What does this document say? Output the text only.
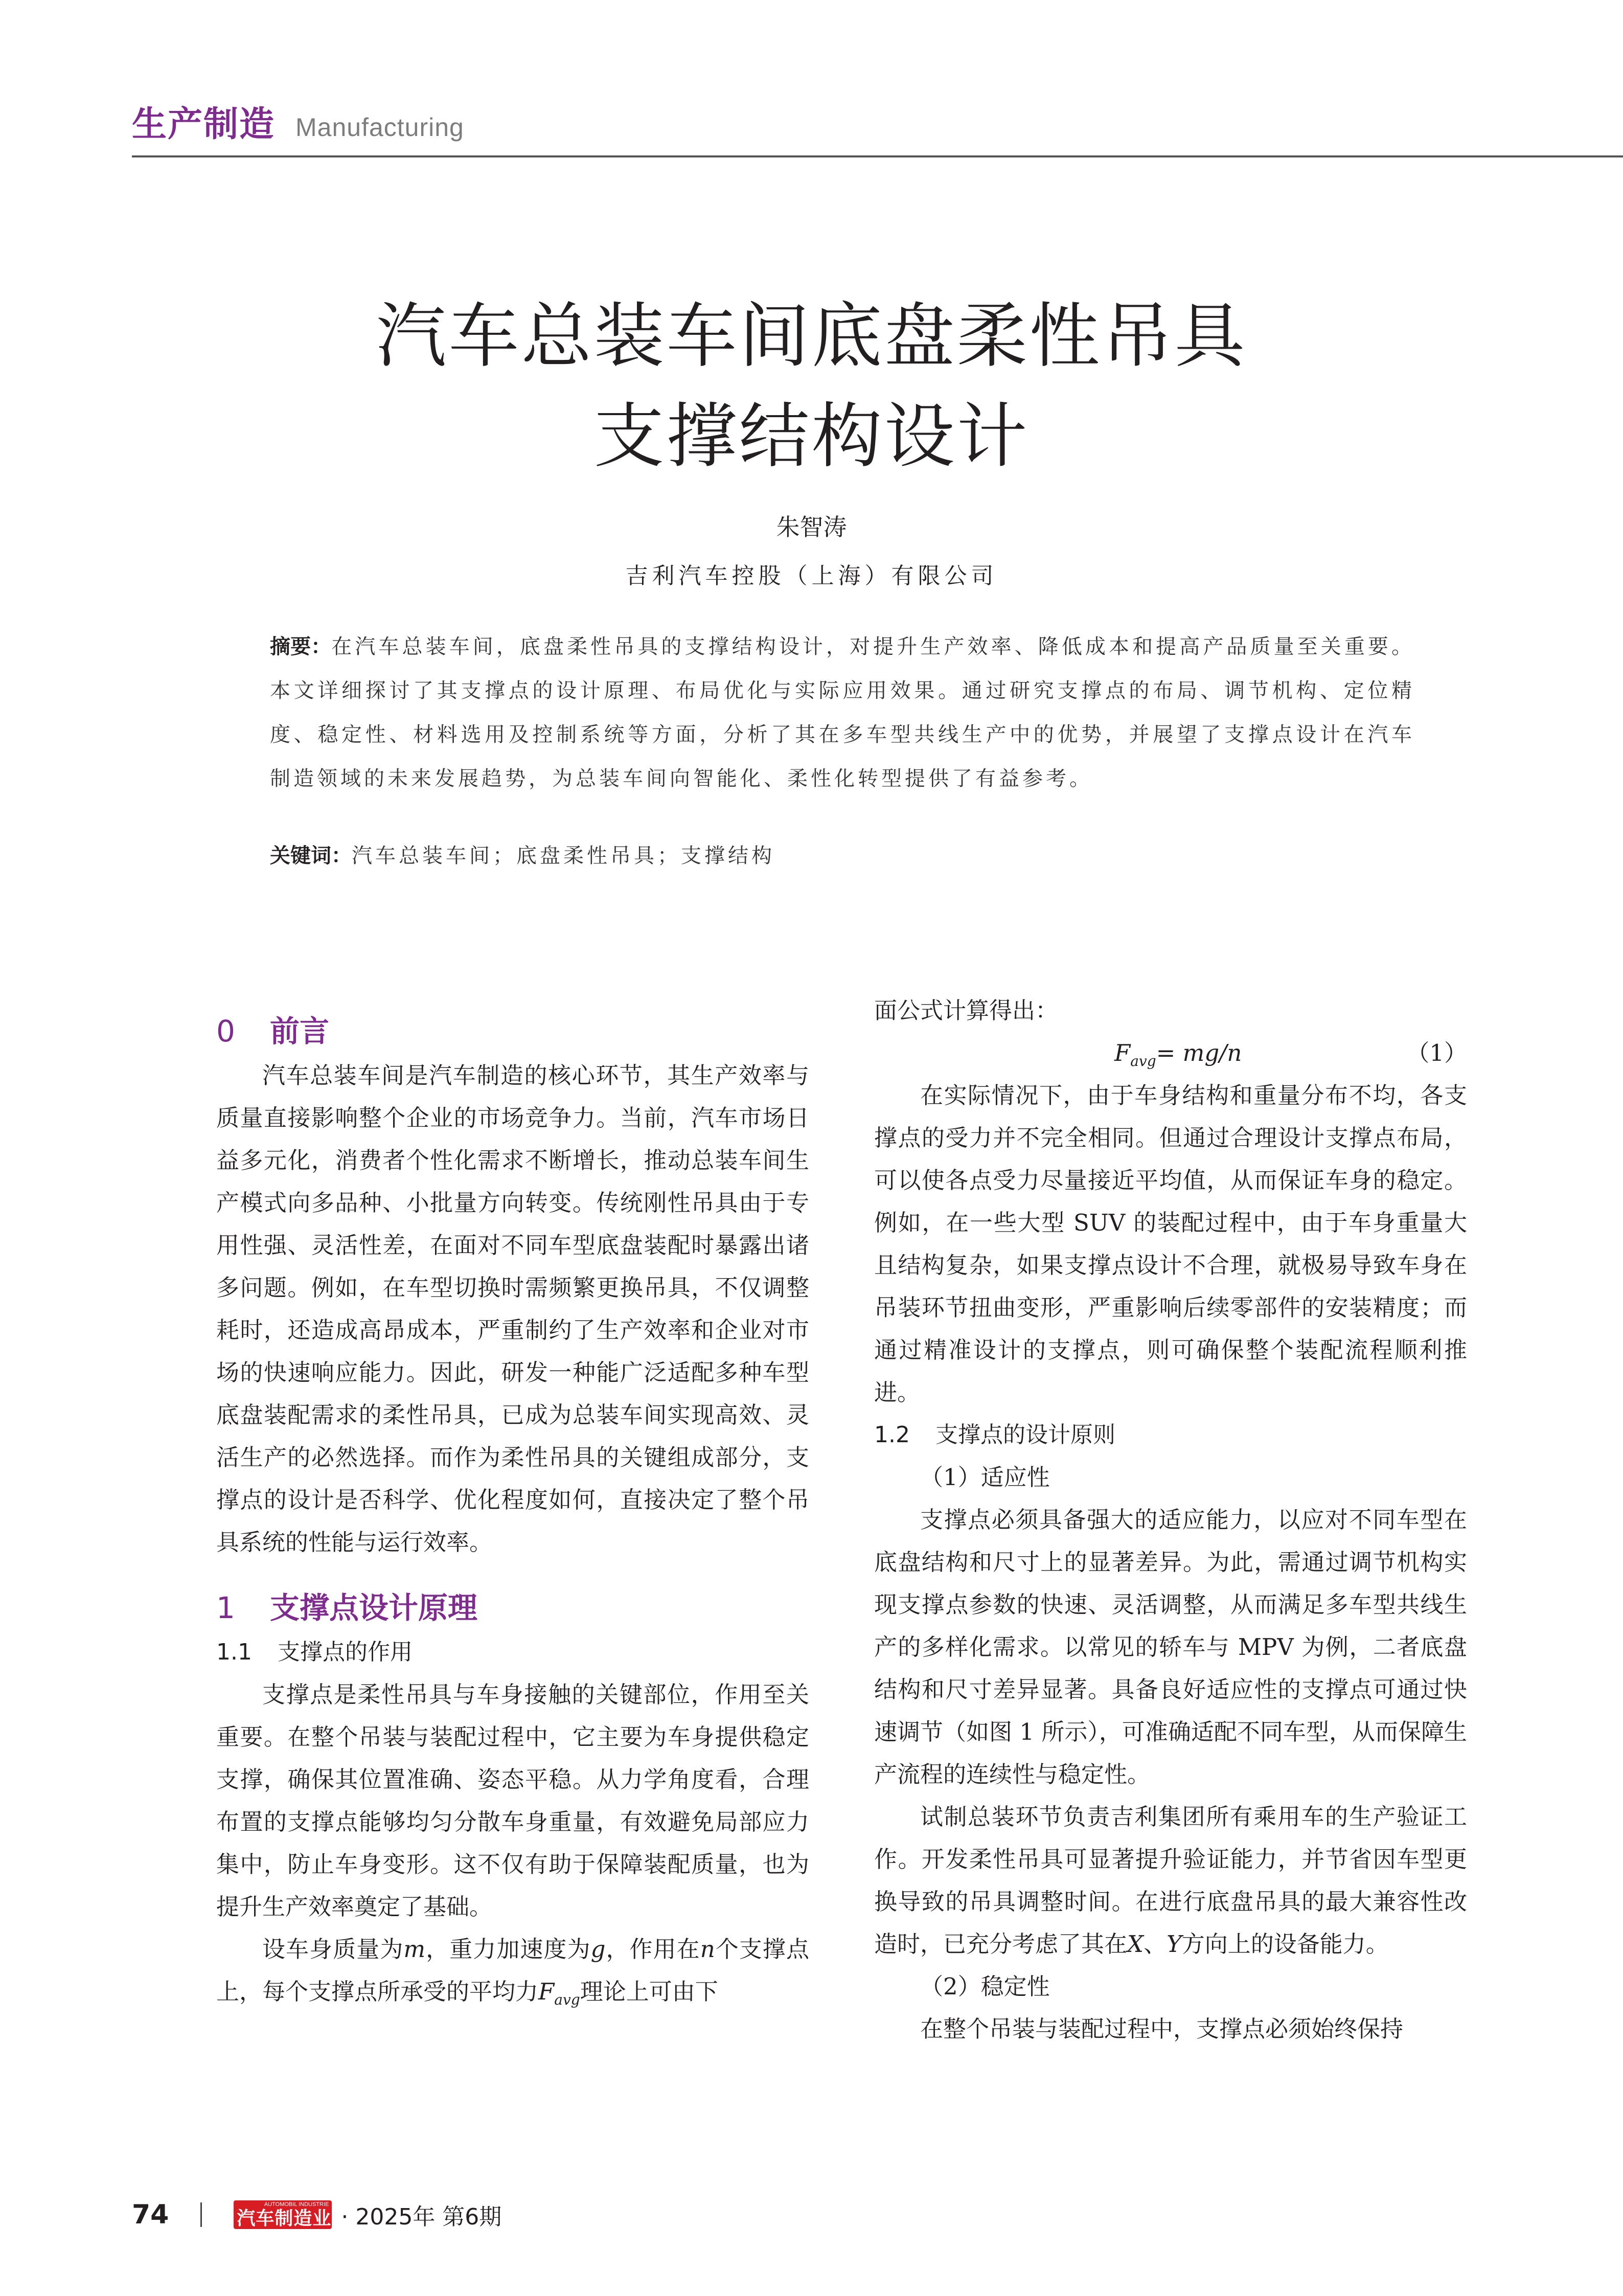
生产制造 Manufacturing
汽车总装车间底盘柔性吊具
支撑结构设计
朱智涛
吉利汽车控股（上海）有限公司
摘要：在汽车总装车间，底盘柔性吊具的支撑结构设计，对提升生产效率、降低成本和提高产品质量至关重要。本文详细探讨了其支撑点的设计原理、布局优化与实际应用效果。通过研究支撑点的布局、调节机构、定位精度、稳定性、材料选用及控制系统等方面，分析了其在多车型共线生产中的优势，并展望了支撑点设计在汽车制造领域的未来发展趋势，为总装车间向智能化、柔性化转型提供了有益参考。
关键词：汽车总装车间；底盘柔性吊具；支撑结构

0 前言

汽车总装车间是汽车制造的核心环节，其生产效率与质量直接影响整个企业的市场竞争力。当前，汽车市场日益多元化，消费者个性化需求不断增长，推动总装车间生产模式向多品种、小批量方向转变。传统刚性吊具由于专用性强、灵活性差，在面对不同车型底盘装配时暴露出诸多问题。例如，在车型切换时需频繁更换吊具，不仅调整耗时，还造成高昂成本，严重制约了生产效率和企业对市场的快速响应能力。因此，研发一种能广泛适配多种车型底盘装配需求的柔性吊具，已成为总装车间实现高效、灵活生产的必然选择。而作为柔性吊具的关键组成部分，支撑点的设计是否科学、优化程度如何，直接决定了整个吊具系统的性能与运行效率。

1 支撑点设计原理

1.1 支撑点的作用

支撑点是柔性吊具与车身接触的关键部位，作用至关重要。在整个吊装与装配过程中，它主要为车身提供稳定支撑，确保其位置准确、姿态平稳。从力学角度看，合理布置的支撑点能够均匀分散车身重量，有效避免局部应力集中，防止车身变形。这不仅有助于保障装配质量，也为提升生产效率奠定了基础。

设车身质量为m，重力加速度为g，作用在n个支撑点上，每个支撑点所承受的平均力$F_{avg}$理论上可由下

面公式计算得出：

$F_{avg}= mg/n$	（1）

在实际情况下，由于车身结构和重量分布不均，各支撑点的受力并不完全相同。但通过合理设计支撑点布局，可以使各点受力尽量接近平均值，从而保证车身的稳定。例如，在一些大型 SUV 的装配过程中，由于车身重量大且结构复杂，如果支撑点设计不合理，就极易导致车身在吊装环节扭曲变形，严重影响后续零部件的安装精度；而通过精准设计的支撑点，则可确保整个装配流程顺利推进。

1.2 支撑点的设计原则

（1）适应性

支撑点必须具备强大的适应能力，以应对不同车型在底盘结构和尺寸上的显著差异。为此，需通过调节机构实现支撑点参数的快速、灵活调整，从而满足多车型共线生产的多样化需求。以常见的轿车与 MPV 为例，二者底盘结构和尺寸差异显著。具备良好适应性的支撑点可通过快速调节（如图 1 所示），可准确适配不同车型，从而保障生产流程的连续性与稳定性。

试制总装环节负责吉利集团所有乘用车的生产验证工作。开发柔性吊具可显著提升验证能力，并节省因车型更换导致的吊具调整时间。在进行底盘吊具的最大兼容性改造时，已充分考虑了其在X、Y方向上的设备能力。

（2）稳定性

在整个吊装与装配过程中，支撑点必须始终保持

74	AUTOMOBIL INDUSTRIE
汽车制造业 · 2025年 第6期
